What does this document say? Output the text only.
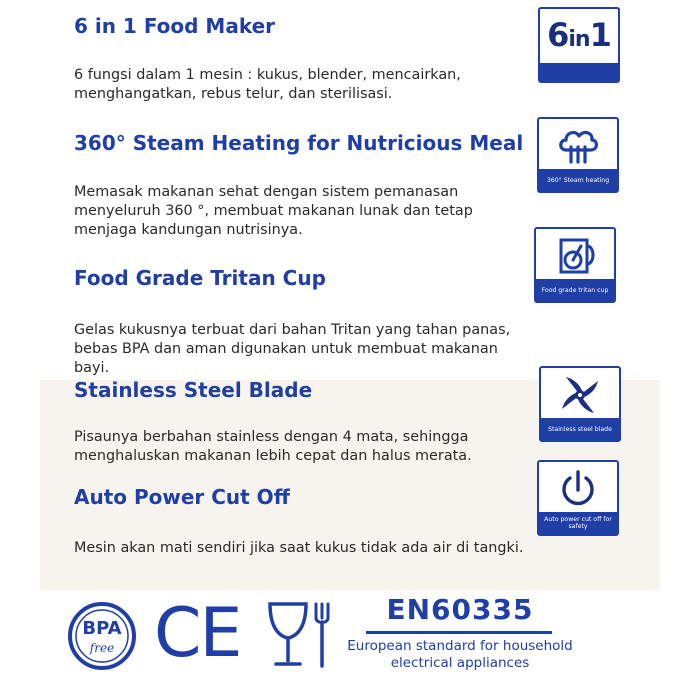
6 in 1 Food Maker
6 fungsi dalam 1 mesin : kukus, blender, mencairkan, menghangatkan, rebus telur, dan sterilisasi.
6in1
360° Steam Heating for Nutricious Meal
Memasak makanan sehat dengan sistem pemanasan menyeluruh 360 °, membuat makanan lunak dan tetap menjaga kandungan nutrisinya.
360° Steam heating
Food Grade Tritan Cup
Gelas kukusnya terbuat dari bahan Tritan yang tahan panas, bebas BPA dan aman digunakan untuk membuat makanan bayi.
Food grade tritan cup
Stainless Steel Blade
Pisaunya berbahan stainless dengan 4 mata, sehingga menghaluskan makanan lebih cepat dan halus merata.
Stainless steel blade
Auto Power Cut Off
Mesin akan mati sendiri jika saat kukus tidak ada air di tangki.
Auto power cut off for safety
BPA
free CE	EN60335
European standard for household electrical appliances
